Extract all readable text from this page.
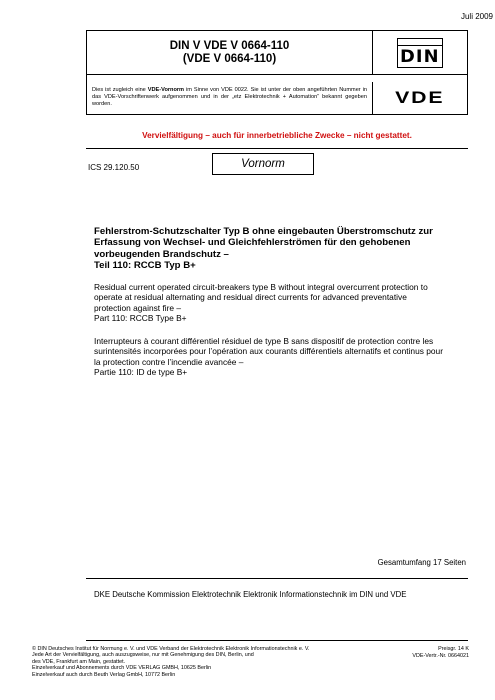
Juli 2009
DIN V VDE V 0664-110
(VDE V 0664-110)	DIN
Dies ist zugleich eine VDE-Vornorm im Sinne von VDE 0022. Sie ist unter der oben angeführten Nummer in das VDE-Vorschriftenwerk aufgenommen und in der „etz Elektrotechnik + Automation“ bekannt gegeben worden.	VDE
Vervielfältigung – auch für innerbetriebliche Zwecke – nicht gestattet.
ICS 29.120.50	Vornorm
Fehlerstrom-Schutzschalter Typ B ohne eingebauten Überstromschutz zur
Erfassung von Wechsel- und Gleichfehlerströmen für den gehobenen
vorbeugenden Brandschutz –
Teil 110: RCCB Typ B+
Residual current operated circuit-breakers type B without integral overcurrent protection to
operate at residual alternating and residual direct currents for advanced preventative
protection against fire –
Part 110: RCCB Type B+
Interrupteurs à courant différentiel résiduel de type B sans dispositif de protection contre les
surintensités incorporées pour l’opération aux courants différentiels alternatifs et continus pour
la protection contre l’incendie avancée –
Partie 110: ID de type B+
Gesamtumfang 17 Seiten
DKE Deutsche Kommission Elektrotechnik Elektronik Informationstechnik im DIN und VDE
© DIN Deutsches Institut für Normung e. V. und VDE Verband der Elektrotechnik Elektronik Informationstechnik e. V.
Jede Art der Vervielfältigung, auch auszugsweise, nur mit Genehmigung des DIN, Berlin, und
des VDE, Frankfurt am Main, gestattet.
Einzelverkauf und Abonnements durch VDE VERLAG GMBH, 10625 Berlin
Einzelverkauf auch durch Beuth Verlag GmbH, 10772 Berlin
Preisgr. 14 K
VDE-Vertr.-Nr. 0664021
